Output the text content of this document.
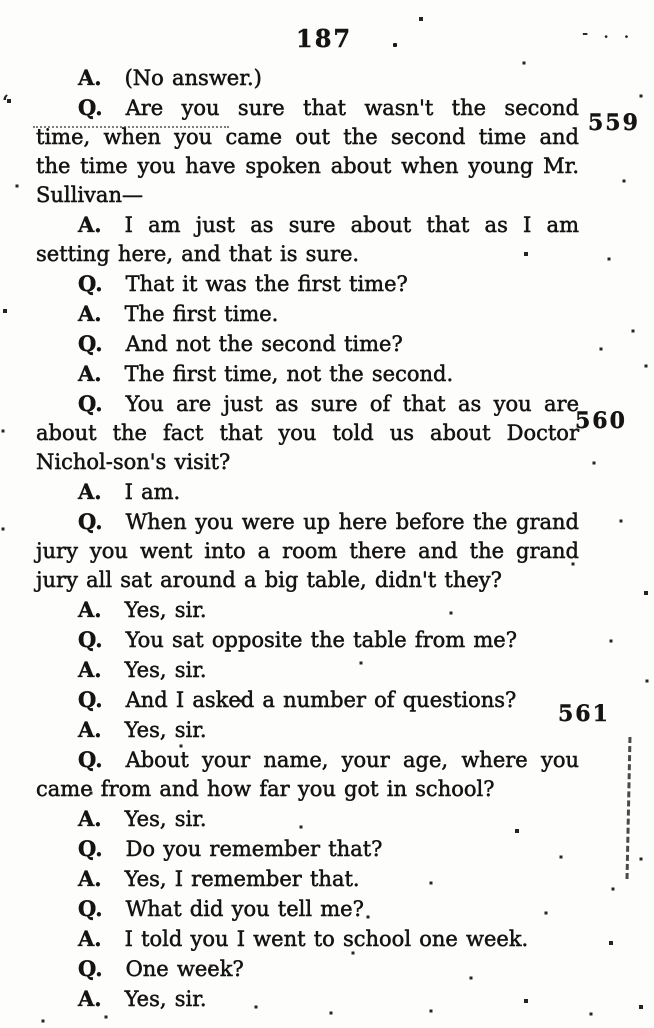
187	- . .

A. (No answer.)

Q. Are you sure that wasn't the second time, when you came out the second time and the time you have spoken about when young Mr. Sullivan—

A. I am just as sure about that as I am setting here, and that is sure.

Q. That it was the first time?

A. The first time.

Q. And not the second time?

A. The first time, not the second.

Q. You are just as sure of that as you are about the fact that you told us about Doctor Nichol-son's visit?

A. I am.

Q. When you were up here before the grand jury you went into a room there and the grand jury all sat around a big table, didn't they?

A. Yes, sir.

Q. You sat opposite the table from me?

A. Yes, sir.

Q. And I asked a number of questions?

A. Yes, sir.

Q. About your name, your age, where you came from and how far you got in school?

A. Yes, sir.

Q. Do you remember that?

A. Yes, I remember that.

Q. What did you tell me?

A. I told you I went to school one week.

Q. One week?

A. Yes, sir.

559
560
561
‘
